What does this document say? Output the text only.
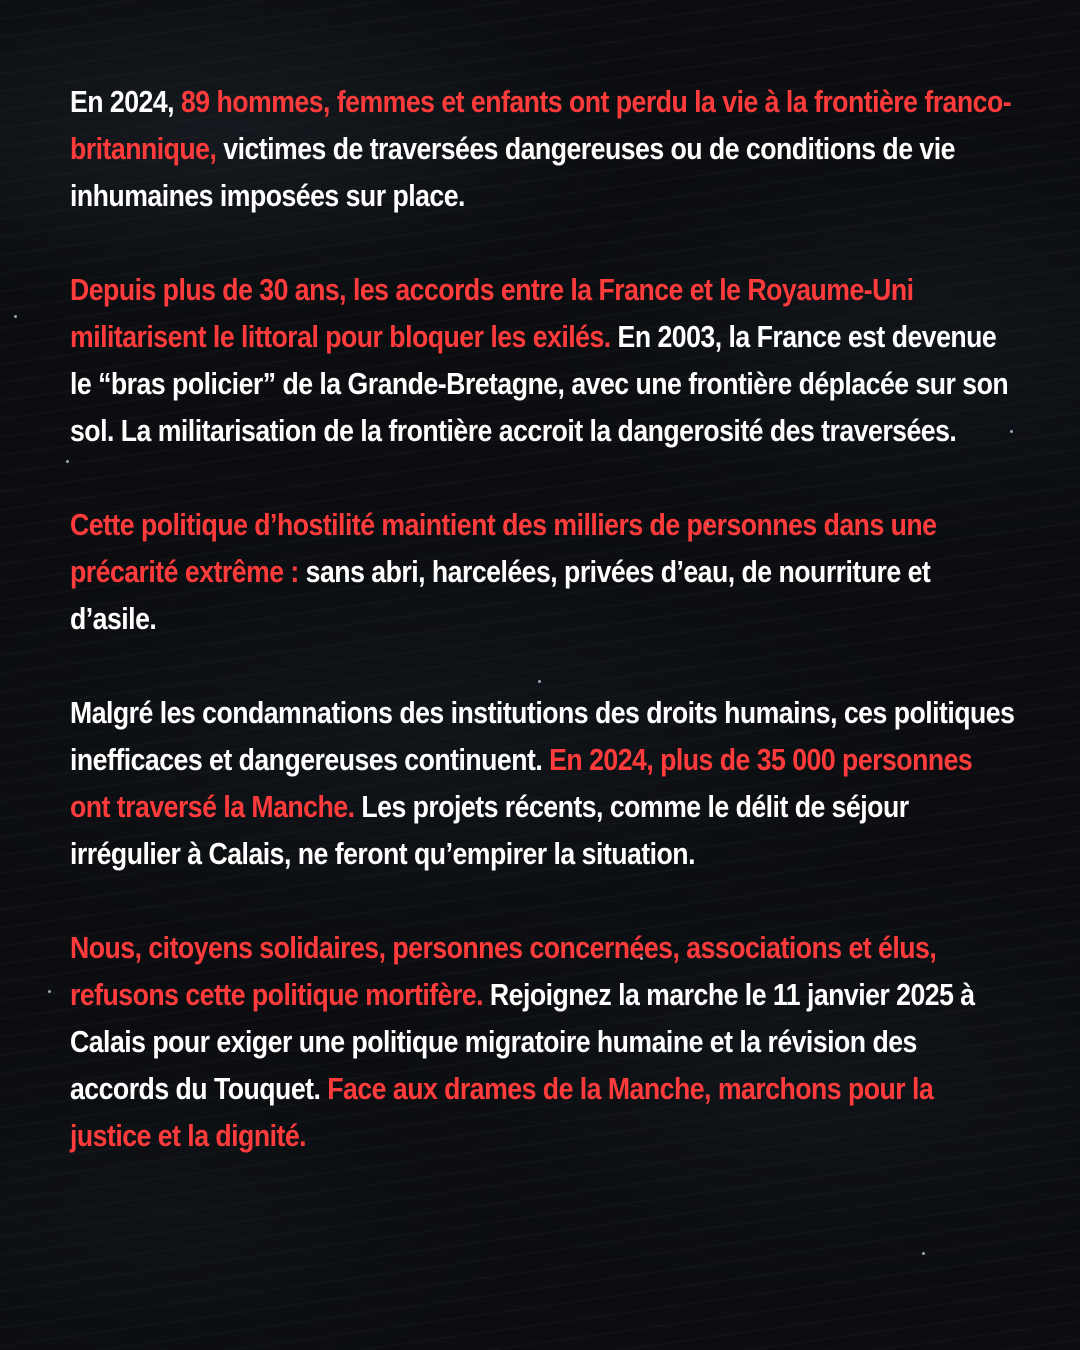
En 2024, 89 hommes, femmes et enfants ont perdu la vie à la frontière franco-britannique, victimes de traversées dangereuses ou de conditions de vie inhumaines imposées sur place.

Depuis plus de 30 ans, les accords entre la France et le Royaume-Uni militarisent le littoral pour bloquer les exilés. En 2003, la France est devenue le “bras policier” de la Grande-Bretagne, avec une frontière déplacée sur son sol. La militarisation de la frontière accroit la dangerosité des traversées.

Cette politique d’hostilité maintient des milliers de personnes dans une précarité extrême : sans abri, harcelées, privées d’eau, de nourriture et d’asile.

Malgré les condamnations des institutions des droits humains, ces politiques inefficaces et dangereuses continuent. En 2024, plus de 35 000 personnes ont traversé la Manche. Les projets récents, comme le délit de séjour irrégulier à Calais, ne feront qu’empirer la situation.

Nous, citoyens solidaires, personnes concernées, associations et élus, refusons cette politique mortifère. Rejoignez la marche le 11 janvier 2025 à Calais pour exiger une politique migratoire humaine et la révision des accords du Touquet. Face aux drames de la Manche, marchons pour la justice et la dignité.
